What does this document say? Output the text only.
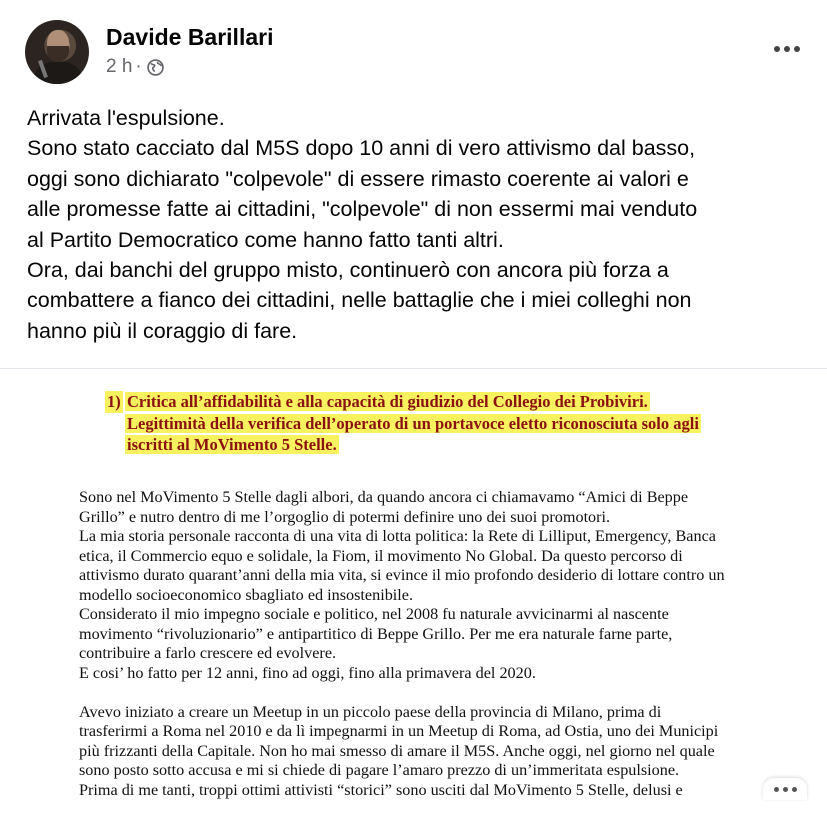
Davide Barillari
2 h ·

Arrivata l'espulsione.

Sono stato cacciato dal M5S dopo 10 anni di vero attivismo dal basso,

oggi sono dichiarato "colpevole" di essere rimasto coerente ai valori e

alle promesse fatte ai cittadini, "colpevole" di non essermi mai venduto

al Partito Democratico come hanno fatto tanti altri.

Ora, dai banchi del gruppo misto, continuerò con ancora più forza a

combattere a fianco dei cittadini, nelle battaglie che i miei colleghi non

hanno più il coraggio di fare.

1) Critica all’affidabilità e alla capacità di giudizio del Collegio dei Probiviri.
Legittimità della verifica dell’operato di un portavoce eletto riconosciuta solo agli
iscritti al MoVimento 5 Stelle.
Sono nel MoVimento 5 Stelle dagli albori, da quando ancora ci chiamavamo “Amici di Beppe
Grillo” e nutro dentro di me l’orgoglio di potermi definire uno dei suoi promotori.
La mia storia personale racconta di una vita di lotta politica: la Rete di Lilliput, Emergency, Banca
etica, il Commercio equo e solidale, la Fiom, il movimento No Global. Da questo percorso di
attivismo durato quarant’anni della mia vita, si evince il mio profondo desiderio di lottare contro un
modello socioeconomico sbagliato ed insostenibile.
Considerato il mio impegno sociale e politico, nel 2008 fu naturale avvicinarmi al nascente
movimento “rivoluzionario” e antipartitico di Beppe Grillo. Per me era naturale farne parte,
contribuire a farlo crescere ed evolvere.
E cosi’ ho fatto per 12 anni, fino ad oggi, fino alla primavera del 2020.
Avevo iniziato a creare un Meetup in un piccolo paese della provincia di Milano, prima di
trasferirmi a Roma nel 2010 e da lì impegnarmi in un Meetup di Roma, ad Ostia, uno dei Municipi
più frizzanti della Capitale. Non ho mai smesso di amare il M5S. Anche oggi, nel giorno nel quale
sono posto sotto accusa e mi si chiede di pagare l’amaro prezzo di un’immeritata espulsione.
Prima di me tanti, troppi ottimi attivisti “storici” sono usciti dal MoVimento 5 Stelle, delusi e
